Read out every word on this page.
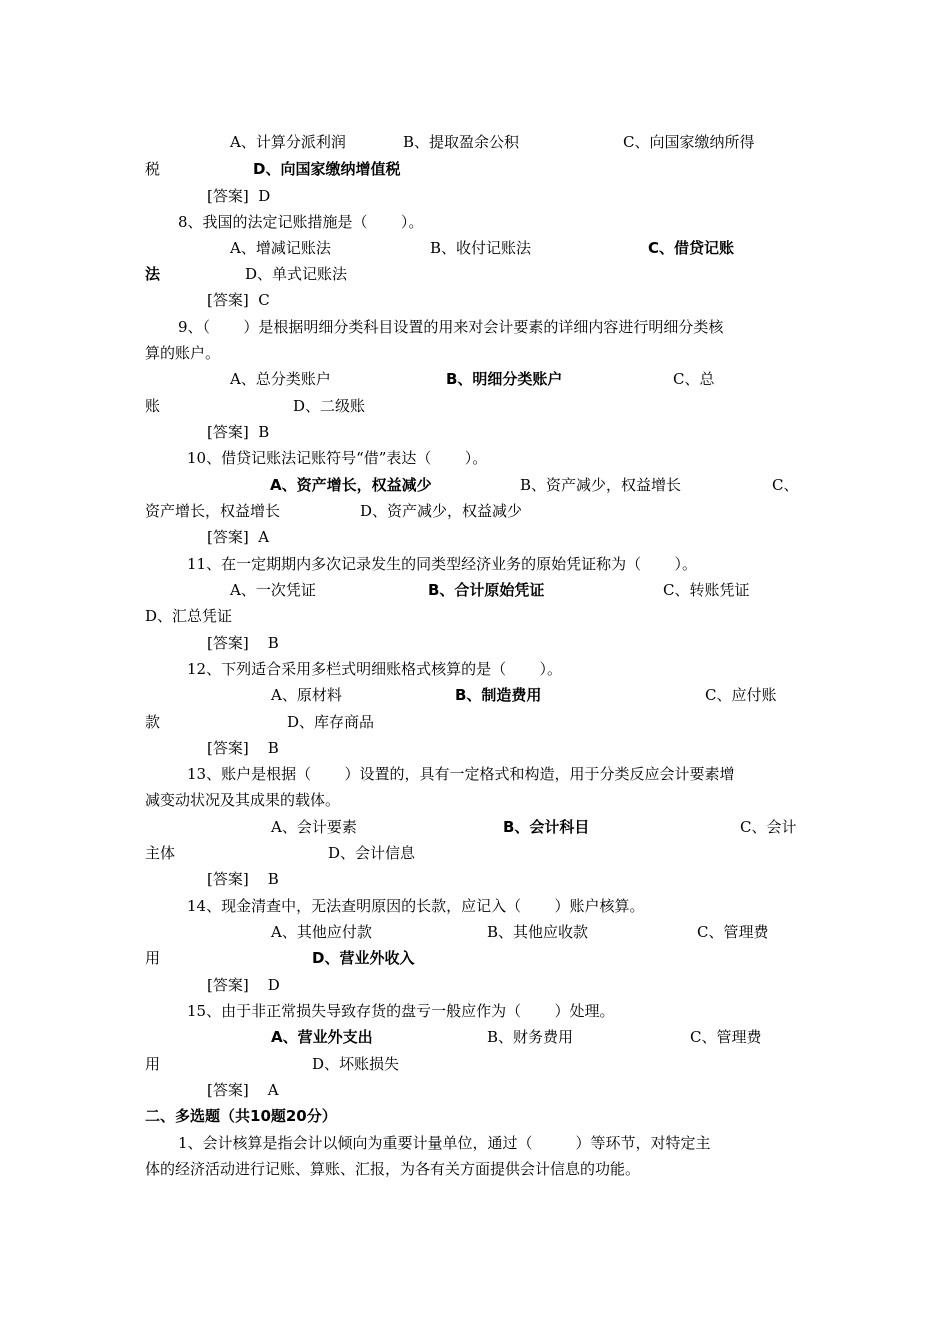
A、计算分派利润	B、提取盈余公积	C、向国家缴纳所得
税	D、向国家缴纳增值税
[答案]  D
8、我国的法定记账措施是（       ）。
A、增减记账法	B、收付记账法	C、借贷记账
法	D、单式记账法
[答案]  C
9、（       ）是根据明细分类科目设置的用来对会计要素的详细内容进行明细分类核
算的账户。
A、总分类账户	B、明细分类账户	C、总
账	D、二级账
[答案]  B
10、借贷记账法记账符号“借”表达（       ）。
A、资产增长，权益减少	B、资产减少，权益增长	C、
资产增长，权益增长	D、资产减少，权益减少
[答案]  A
11、在一定期期内多次记录发生的同类型经济业务的原始凭证称为（       ）。
A、一次凭证	B、合计原始凭证	C、转账凭证
D、汇总凭证
[答案]    B
12、下列适合采用多栏式明细账格式核算的是（       ）。
A、原材料	B、制造费用	C、应付账
款	D、库存商品
[答案]    B
13、账户是根据（       ）设置的，具有一定格式和构造，用于分类反应会计要素增
减变动状况及其成果的载体。
A、会计要素	B、会计科目	C、会计
主体	D、会计信息
[答案]    B
14、现金清查中，无法查明原因的长款，应记入（       ）账户核算。
A、其他应付款	B、其他应收款	C、管理费
用	D、营业外收入
[答案]    D
15、由于非正常损失导致存货的盘亏一般应作为（       ）处理。
A、营业外支出	B、财务费用	C、管理费
用	D、坏账损失
[答案]    A
二、多选题（共10题20分）
1、会计核算是指会计以倾向为重要计量单位，通过（         ）等环节，对特定主
体的经济活动进行记账、算账、汇报，为各有关方面提供会计信息的功能。
